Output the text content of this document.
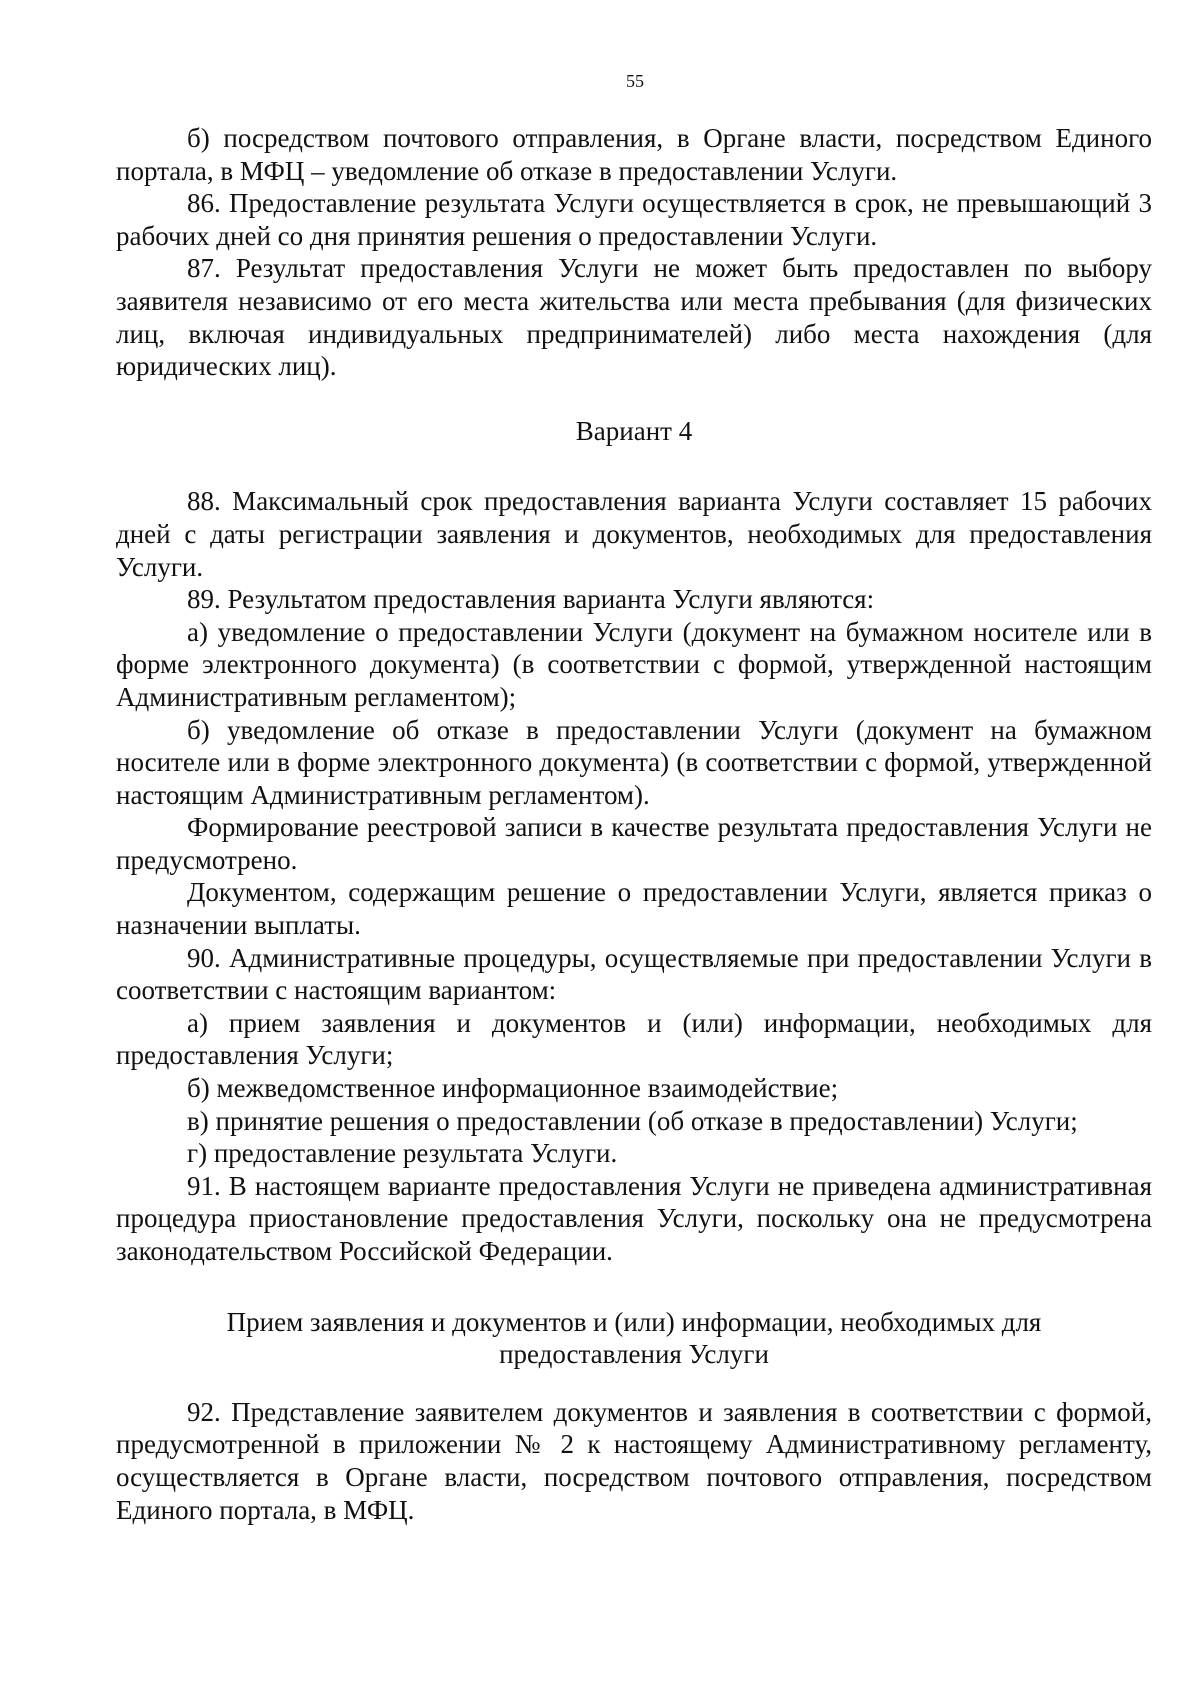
55

б) посредством почтового отправления, в Органе власти, посредством Единого портала, в МФЦ – уведомление об отказе в предоставлении Услуги.

86. Предоставление результата Услуги осуществляется в срок, не превышающий 3 рабочих дней со дня принятия решения о предоставлении Услуги.

87. Результат предоставления Услуги не может быть предоставлен по выбору заявителя независимо от его места жительства или места пребывания (для физических лиц, включая индивидуальных предпринимателей) либо места нахождения (для юридических лиц).

Вариант 4

88. Максимальный срок предоставления варианта Услуги составляет 15 рабочих дней с даты регистрации заявления и документов, необходимых для предоставления Услуги.

89. Результатом предоставления варианта Услуги являются:

а) уведомление о предоставлении Услуги (документ на бумажном носителе или в форме электронного документа) (в соответствии с формой, утвержденной настоящим Административным регламентом);

б) уведомление об отказе в предоставлении Услуги (документ на бумажном носителе или в форме электронного документа) (в соответствии с формой, утвержденной настоящим Административным регламентом).

Формирование реестровой записи в качестве результата предоставления Услуги не предусмотрено.

Документом, содержащим решение о предоставлении Услуги, является приказ о назначении выплаты.

90. Административные процедуры, осуществляемые при предоставлении Услуги в соответствии с настоящим вариантом:

а) прием заявления и документов и (или) информации, необходимых для предоставления Услуги;

б) межведомственное информационное взаимодействие;

в) принятие решения о предоставлении (об отказе в предоставлении) Услуги;

г) предоставление результата Услуги.

91. В настоящем варианте предоставления Услуги не приведена административная процедура приостановление предоставления Услуги, поскольку она не предусмотрена законодательством Российской Федерации.

Прием заявления и документов и (или) информации, необходимых для предоставления Услуги

92. Представление заявителем документов и заявления в соответствии с формой, предусмотренной в приложении № 2 к настоящему Административному регламенту, осуществляется в Органе власти, посредством почтового отправления, посредством Единого портала, в МФЦ.
